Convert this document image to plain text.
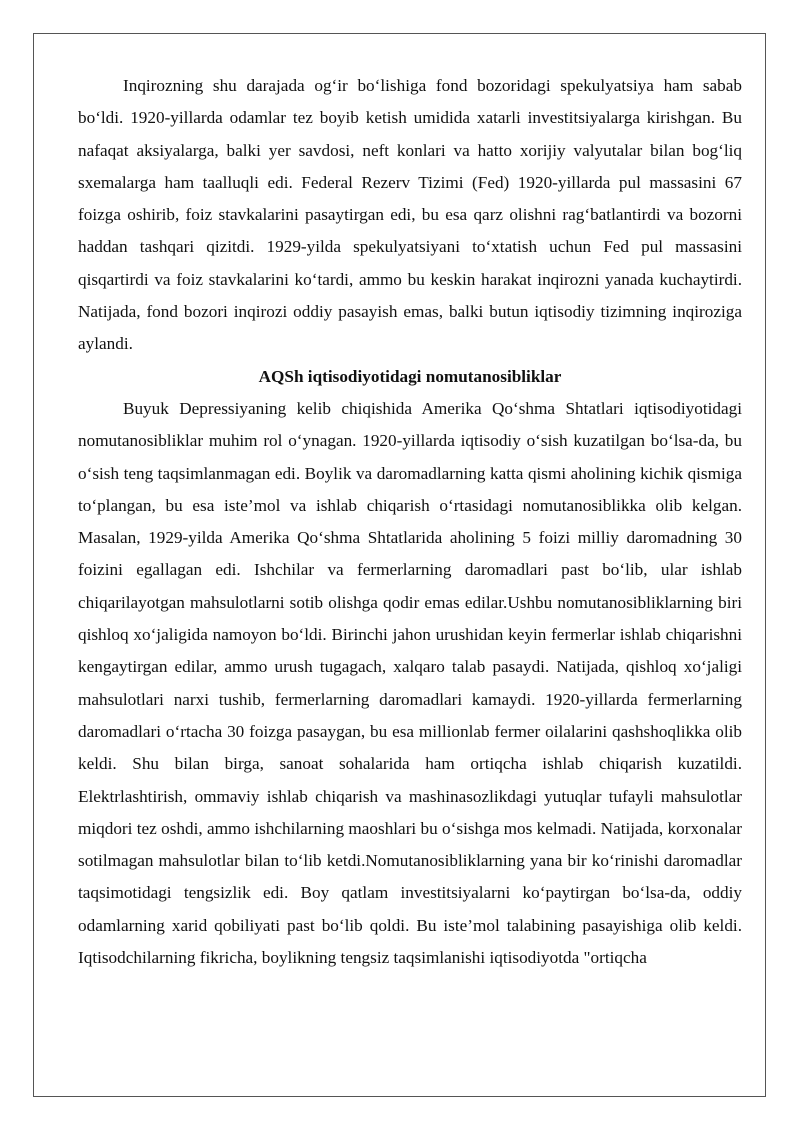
Inqirozning shu darajada og‘ir bo‘lishiga fond bozoridagi spekulyatsiya ham sabab bo‘ldi. 1920-yillarda odamlar tez boyib ketish umidida xatarli investitsiyalarga kirishgan. Bu nafaqat aksiyalarga, balki yer savdosi, neft konlari va hatto xorijiy valyutalar bilan bog‘liq sxemalarga ham taalluqli edi. Federal Rezerv Tizimi (Fed) 1920-yillarda pul massasini 67 foizga oshirib, foiz stavkalarini pasaytirgan edi, bu esa qarz olishni rag‘batlantirdi va bozorni haddan tashqari qizitdi. 1929-yilda spekulyatsiyani to‘xtatish uchun Fed pul massasini qisqartirdi va foiz stavkalarini ko‘tardi, ammo bu keskin harakat inqirozni yanada kuchaytirdi. Natijada, fond bozori inqirozi oddiy pasayish emas, balki butun iqtisodiy tizimning inqiroziga aylandi.

AQSh iqtisodiyotidagi nomutanosibliklar

Buyuk Depressiyaning kelib chiqishida Amerika Qo‘shma Shtatlari iqtisodiyotidagi nomutanosibliklar muhim rol o‘ynagan. 1920-yillarda iqtisodiy o‘sish kuzatilgan bo‘lsa-da, bu o‘sish teng taqsimlanmagan edi. Boylik va daromadlarning katta qismi aholining kichik qismiga to‘plangan, bu esa iste’mol va ishlab chiqarish o‘rtasidagi nomutanosiblikka olib kelgan. Masalan, 1929-yilda Amerika Qo‘shma Shtatlarida aholining 5 foizi milliy daromadning 30 foizini egallagan edi. Ishchilar va fermerlarning daromadlari past bo‘lib, ular ishlab chiqarilayotgan mahsulotlarni sotib olishga qodir emas edilar.Ushbu nomutanosibliklarning biri qishloq xo‘jaligida namoyon bo‘ldi. Birinchi jahon urushidan keyin fermerlar ishlab chiqarishni kengaytirgan edilar, ammo urush tugagach, xalqaro talab pasaydi. Natijada, qishloq xo‘jaligi mahsulotlari narxi tushib, fermerlarning daromadlari kamaydi. 1920-yillarda fermerlarning daromadlari o‘rtacha 30 foizga pasaygan, bu esa millionlab fermer oilalarini qashshoqlikka olib keldi. Shu bilan birga, sanoat sohalarida ham ortiqcha ishlab chiqarish kuzatildi. Elektrlashtirish, ommaviy ishlab chiqarish va mashinasozlikdagi yutuqlar tufayli mahsulotlar miqdori tez oshdi, ammo ishchilarning maoshlari bu o‘sishga mos kelmadi. Natijada, korxonalar sotilmagan mahsulotlar bilan to‘lib ketdi.Nomutanosibliklarning yana bir ko‘rinishi daromadlar taqsimotidagi tengsizlik edi. Boy qatlam investitsiyalarni ko‘paytirgan bo‘lsa-da, oddiy odamlarning xarid qobiliyati past bo‘lib qoldi. Bu iste’mol talabining pasayishiga olib keldi. Iqtisodchilarning fikricha, boylikning tengsiz taqsimlanishi iqtisodiyotda "ortiqcha
